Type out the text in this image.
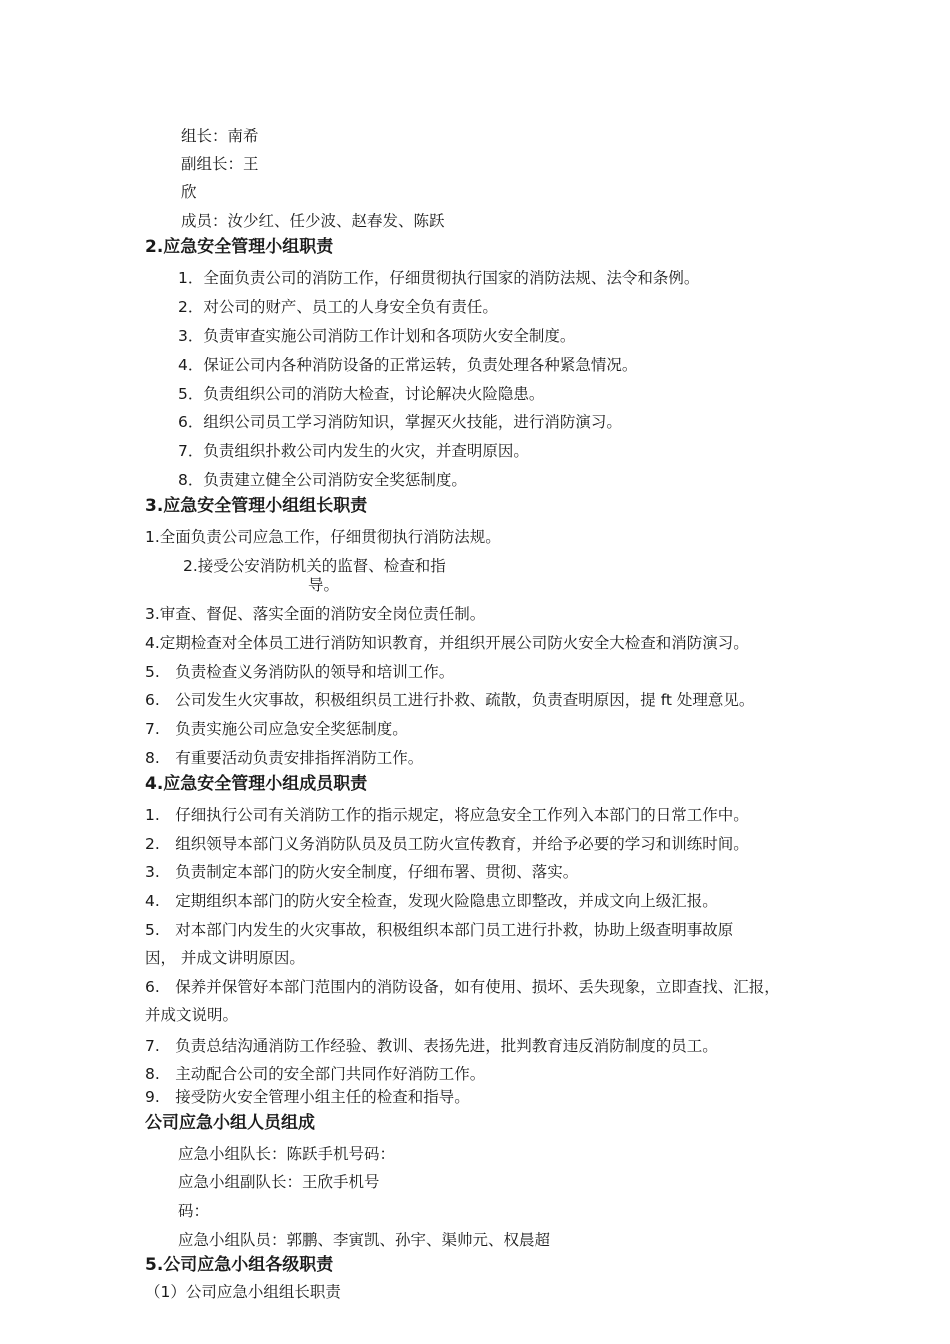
组长：南希
副组长：王
欣
成员：汝少红、任少波、赵春发、陈跃
2.应急安全管理小组职责
1．全面负责公司的消防工作，仔细贯彻执行国家的消防法规、法令和条例。
2．对公司的财产、员工的人身安全负有责任。
3．负责审查实施公司消防工作计划和各项防火安全制度。
4．保证公司内各种消防设备的正常运转，负责处理各种紧急情况。
5．负责组织公司的消防大检查，讨论解决火险隐患。
6．组织公司员工学习消防知识，掌握灭火技能，进行消防演习。
7．负责组织扑救公司内发生的火灾，并查明原因。
8．负责建立健全公司消防安全奖惩制度。
3.应急安全管理小组组长职责
1.全面负责公司应急工作，仔细贯彻执行消防法规。
2.接受公安消防机关的监督、检查和指
导。
3.审查、督促、落实全面的消防安全岗位责任制。
4.定期检查对全体员工进行消防知识教育，并组织开展公司防火安全大检查和消防演习。
5.　负责检查义务消防队的领导和培训工作。
6.　公司发生火灾事故，积极组织员工进行扑救、疏散，负责查明原因，提 ft 处理意见。
7.　负责实施公司应急安全奖惩制度。
8.　有重要活动负责安排指挥消防工作。
4.应急安全管理小组成员职责
1.　仔细执行公司有关消防工作的指示规定，将应急安全工作列入本部门的日常工作中。
2.　组织领导本部门义务消防队员及员工防火宣传教育，并给予必要的学习和训练时间。
3.　负责制定本部门的防火安全制度，仔细布署、贯彻、落实。
4.　定期组织本部门的防火安全检查，发现火险隐患立即整改，并成文向上级汇报。
5.　对本部门内发生的火灾事故，积极组织本部门员工进行扑救，协助上级查明事故原
因， 并成文讲明原因。
6.　保养并保管好本部门范围内的消防设备，如有使用、损坏、丢失现象，立即查找、汇报，
并成文说明。
7.　负责总结沟通消防工作经验、教训、表扬先进，批判教育违反消防制度的员工。
8.　主动配合公司的安全部门共同作好消防工作。
9.　接受防火安全管理小组主任的检查和指导。
公司应急小组人员组成
应急小组队长：陈跃手机号码：
应急小组副队长：王欣手机号
码：
应急小组队员：郭鹏、李寅凯、孙宇、渠帅元、权晨超
5.公司应急小组各级职责
（1）公司应急小组组长职责
